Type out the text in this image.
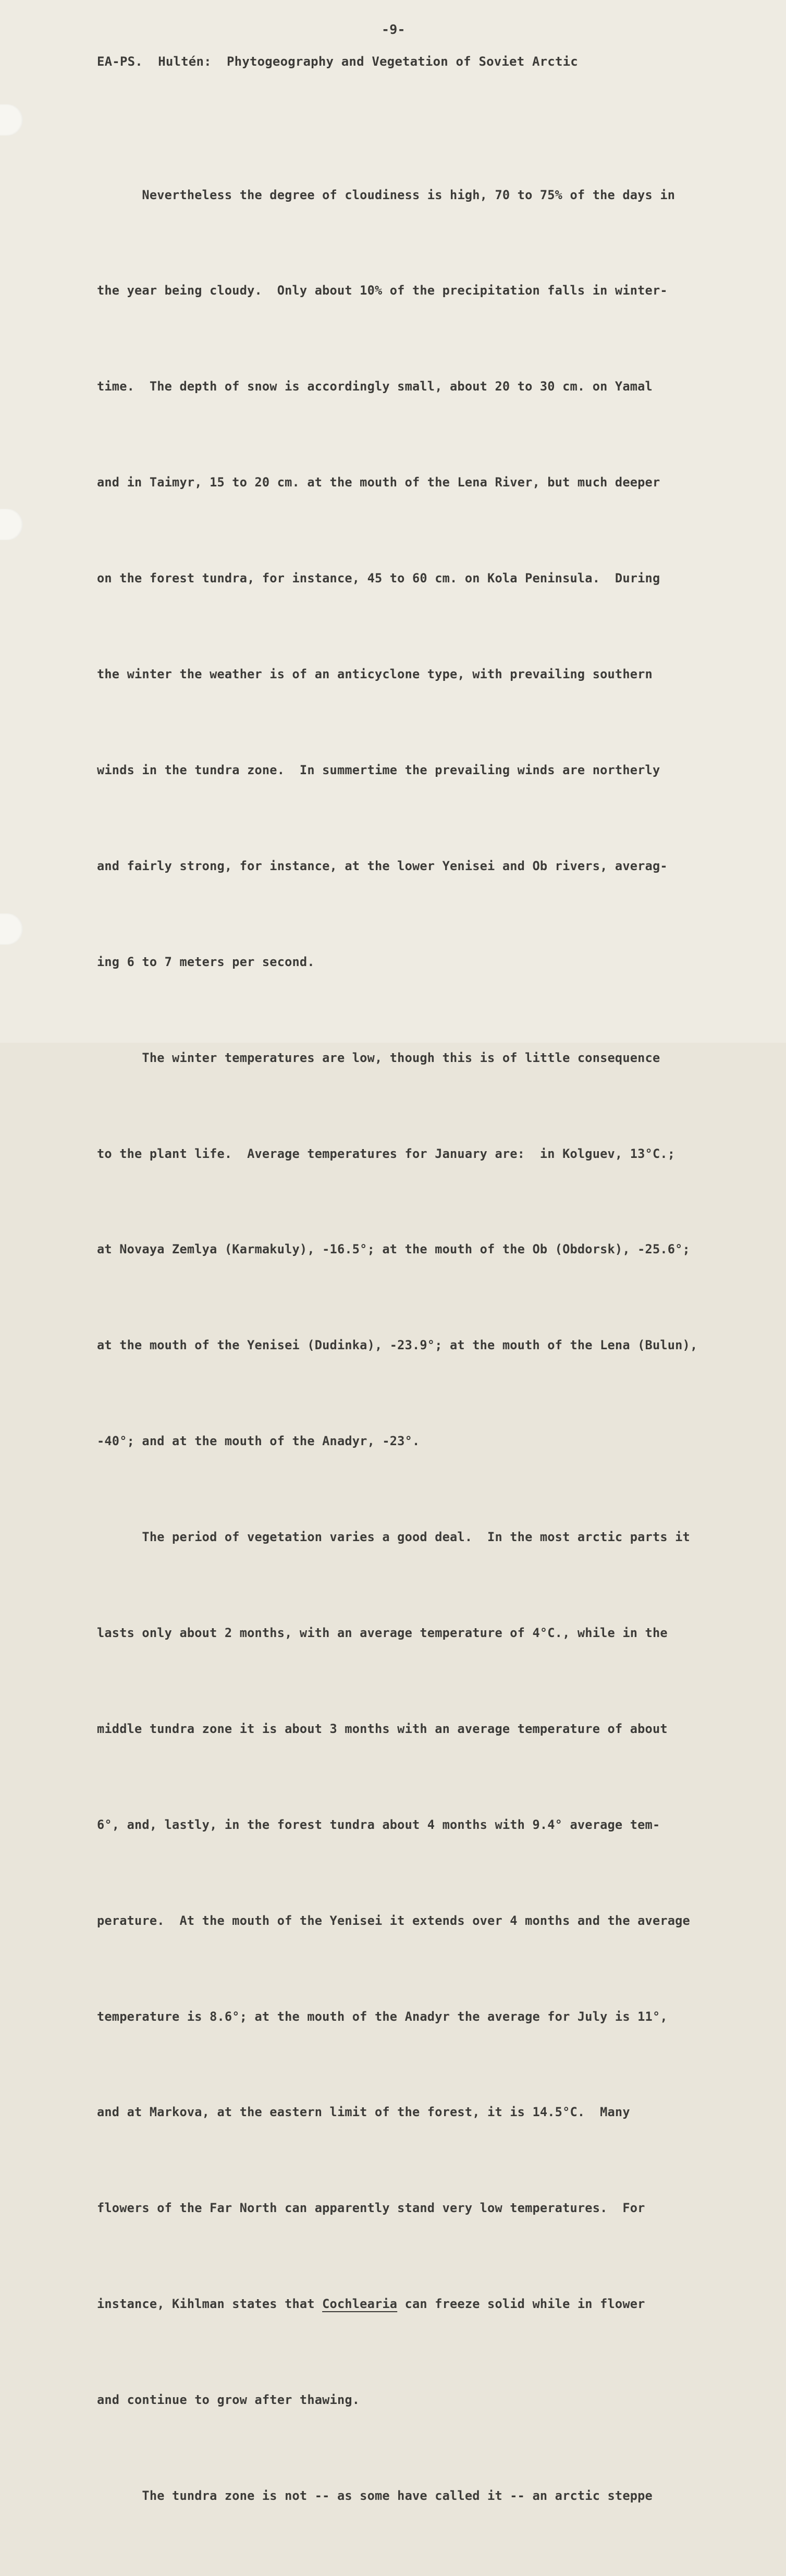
-9-
EA-PS.  Hultén:  Phytogeography and Vegetation of Soviet Arctic

Nevertheless the degree of cloudiness is high, 70 to 75% of the days in

the year being cloudy.  Only about 10% of the precipitation falls in winter-

time.  The depth of snow is accordingly small, about 20 to 30 cm. on Yamal

and in Taimyr, 15 to 20 cm. at the mouth of the Lena River, but much deeper

on the forest tundra, for instance, 45 to 60 cm. on Kola Peninsula.  During

the winter the weather is of an anticyclone type, with prevailing southern

winds in the tundra zone.  In summertime the prevailing winds are northerly

and fairly strong, for instance, at the lower Yenisei and Ob rivers, averag-

ing 6 to 7 meters per second.

The winter temperatures are low, though this is of little consequence

to the plant life.  Average temperatures for January are:  in Kolguev, 13°C.;

at Novaya Zemlya (Karmakuly), -16.5°; at the mouth of the Ob (Obdorsk), -25.6°;

at the mouth of the Yenisei (Dudinka), -23.9°; at the mouth of the Lena (Bulun),

-40°; and at the mouth of the Anadyr, -23°.

The period of vegetation varies a good deal.  In the most arctic parts it

lasts only about 2 months, with an average temperature of 4°C., while in the

middle tundra zone it is about 3 months with an average temperature of about

6°, and, lastly, in the forest tundra about 4 months with 9.4° average tem-

perature.  At the mouth of the Yenisei it extends over 4 months and the average

temperature is 8.6°; at the mouth of the Anadyr the average for July is 11°,

and at Markova, at the eastern limit of the forest, it is 14.5°C.  Many

flowers of the Far North can apparently stand very low temperatures.  For

instance, Kihlman states that Cochlearia can freeze solid while in flower

and continue to grow after thawing.

The tundra zone is not -- as some have called it -- an arctic steppe
